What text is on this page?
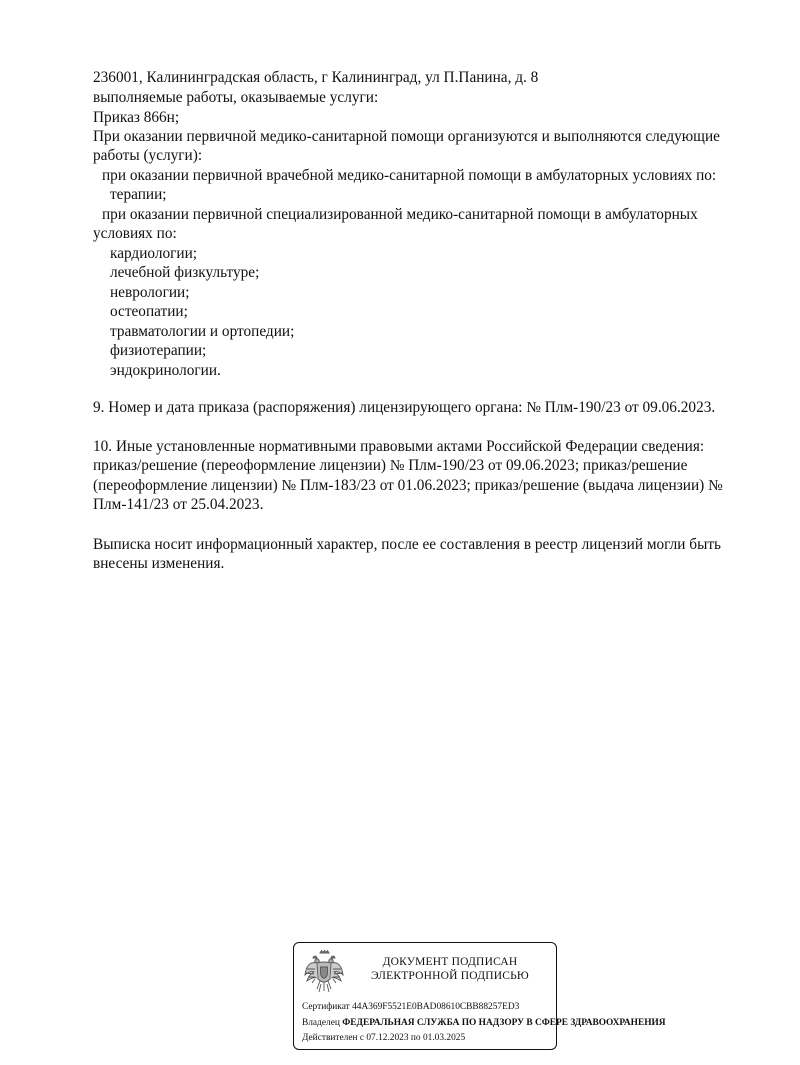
236001, Калининградская область, г Калининград, ул П.Панина, д. 8
выполняемые работы, оказываемые услуги:
Приказ 866н;
При оказании первичной медико-санитарной помощи организуются и выполняются следующие
работы (услуги):
при оказании первичной врачебной медико-санитарной помощи в амбулаторных условиях по:
терапии;
при оказании первичной специализированной медико-санитарной помощи в амбулаторных
условиях по:
кардиологии;
лечебной физкультуре;
неврологии;
остеопатии;
травматологии и ортопедии;
физиотерапии;
эндокринологии.
9. Номер и дата приказа (распоряжения) лицензирующего органа: № Плм-190/23 от 09.06.2023.
10. Иные установленные нормативными правовыми актами Российской Федерации сведения:
приказ/решение (переоформление лицензии) № Плм-190/23 от 09.06.2023; приказ/решение
(переоформление лицензии) № Плм-183/23 от 01.06.2023; приказ/решение (выдача лицензии) №
Плм-141/23 от 25.04.2023.
Выписка носит информационный характер, после ее составления в реестр лицензий могли быть
внесены изменения.
ДОКУМЕНТ ПОДПИСАН
ЭЛЕКТРОННОЙ ПОДПИСЬЮ
Сертификат 44A369F5521E0BAD08610CBB88257ED3
Владелец ФЕДЕРАЛЬНАЯ СЛУЖБА ПО НАДЗОРУ В СФЕРЕ ЗДРАВООХРАНЕНИЯ
Действителен с 07.12.2023 по 01.03.2025
